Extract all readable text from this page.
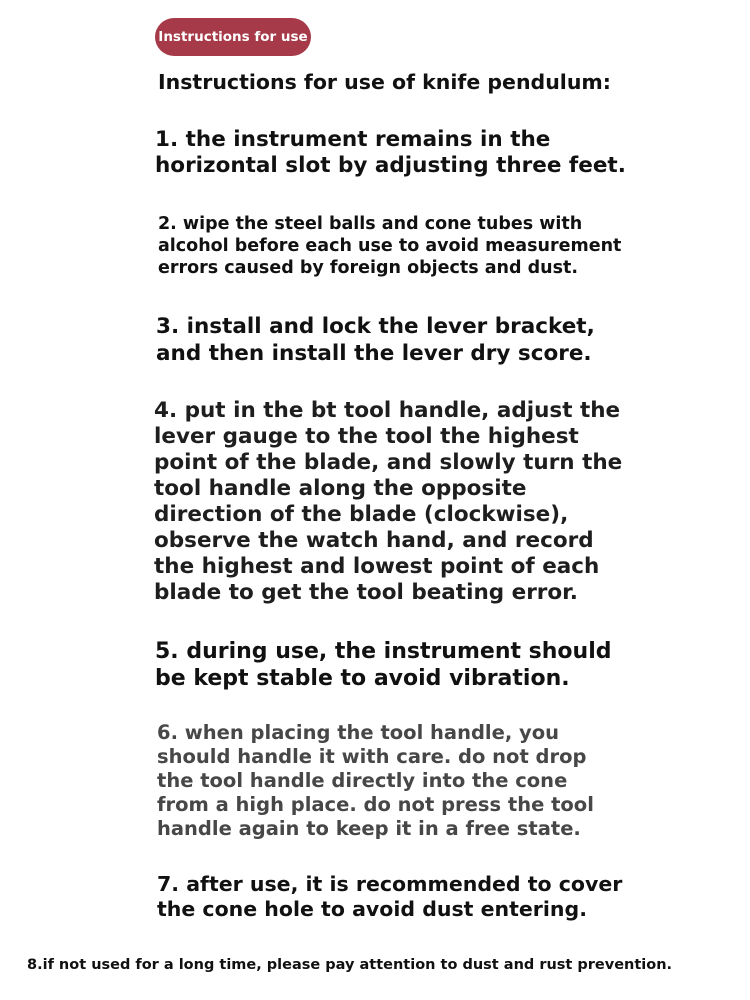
Instructions for use
Instructions for use of knife pendulum:

1. the instrument remains in the
horizontal slot by adjusting three feet.

2. wipe the steel balls and cone tubes with
alcohol before each use to avoid measurement
errors caused by foreign objects and dust.

3. install and lock the lever bracket,
and then install the lever dry score.

4. put in the bt tool handle, adjust the
lever gauge to the tool the highest
point of the blade, and slowly turn the
tool handle along the opposite
direction of the blade (clockwise),
observe the watch hand, and record
the highest and lowest point of each
blade to get the tool beating error.

5. during use, the instrument should
be kept stable to avoid vibration.

6. when placing the tool handle, you
should handle it with care. do not drop
the tool handle directly into the cone
from a high place. do not press the tool
handle again to keep it in a free state.

7. after use, it is recommended to cover
the cone hole to avoid dust entering.

8.if not used for a long time, please pay attention to dust and rust prevention.
